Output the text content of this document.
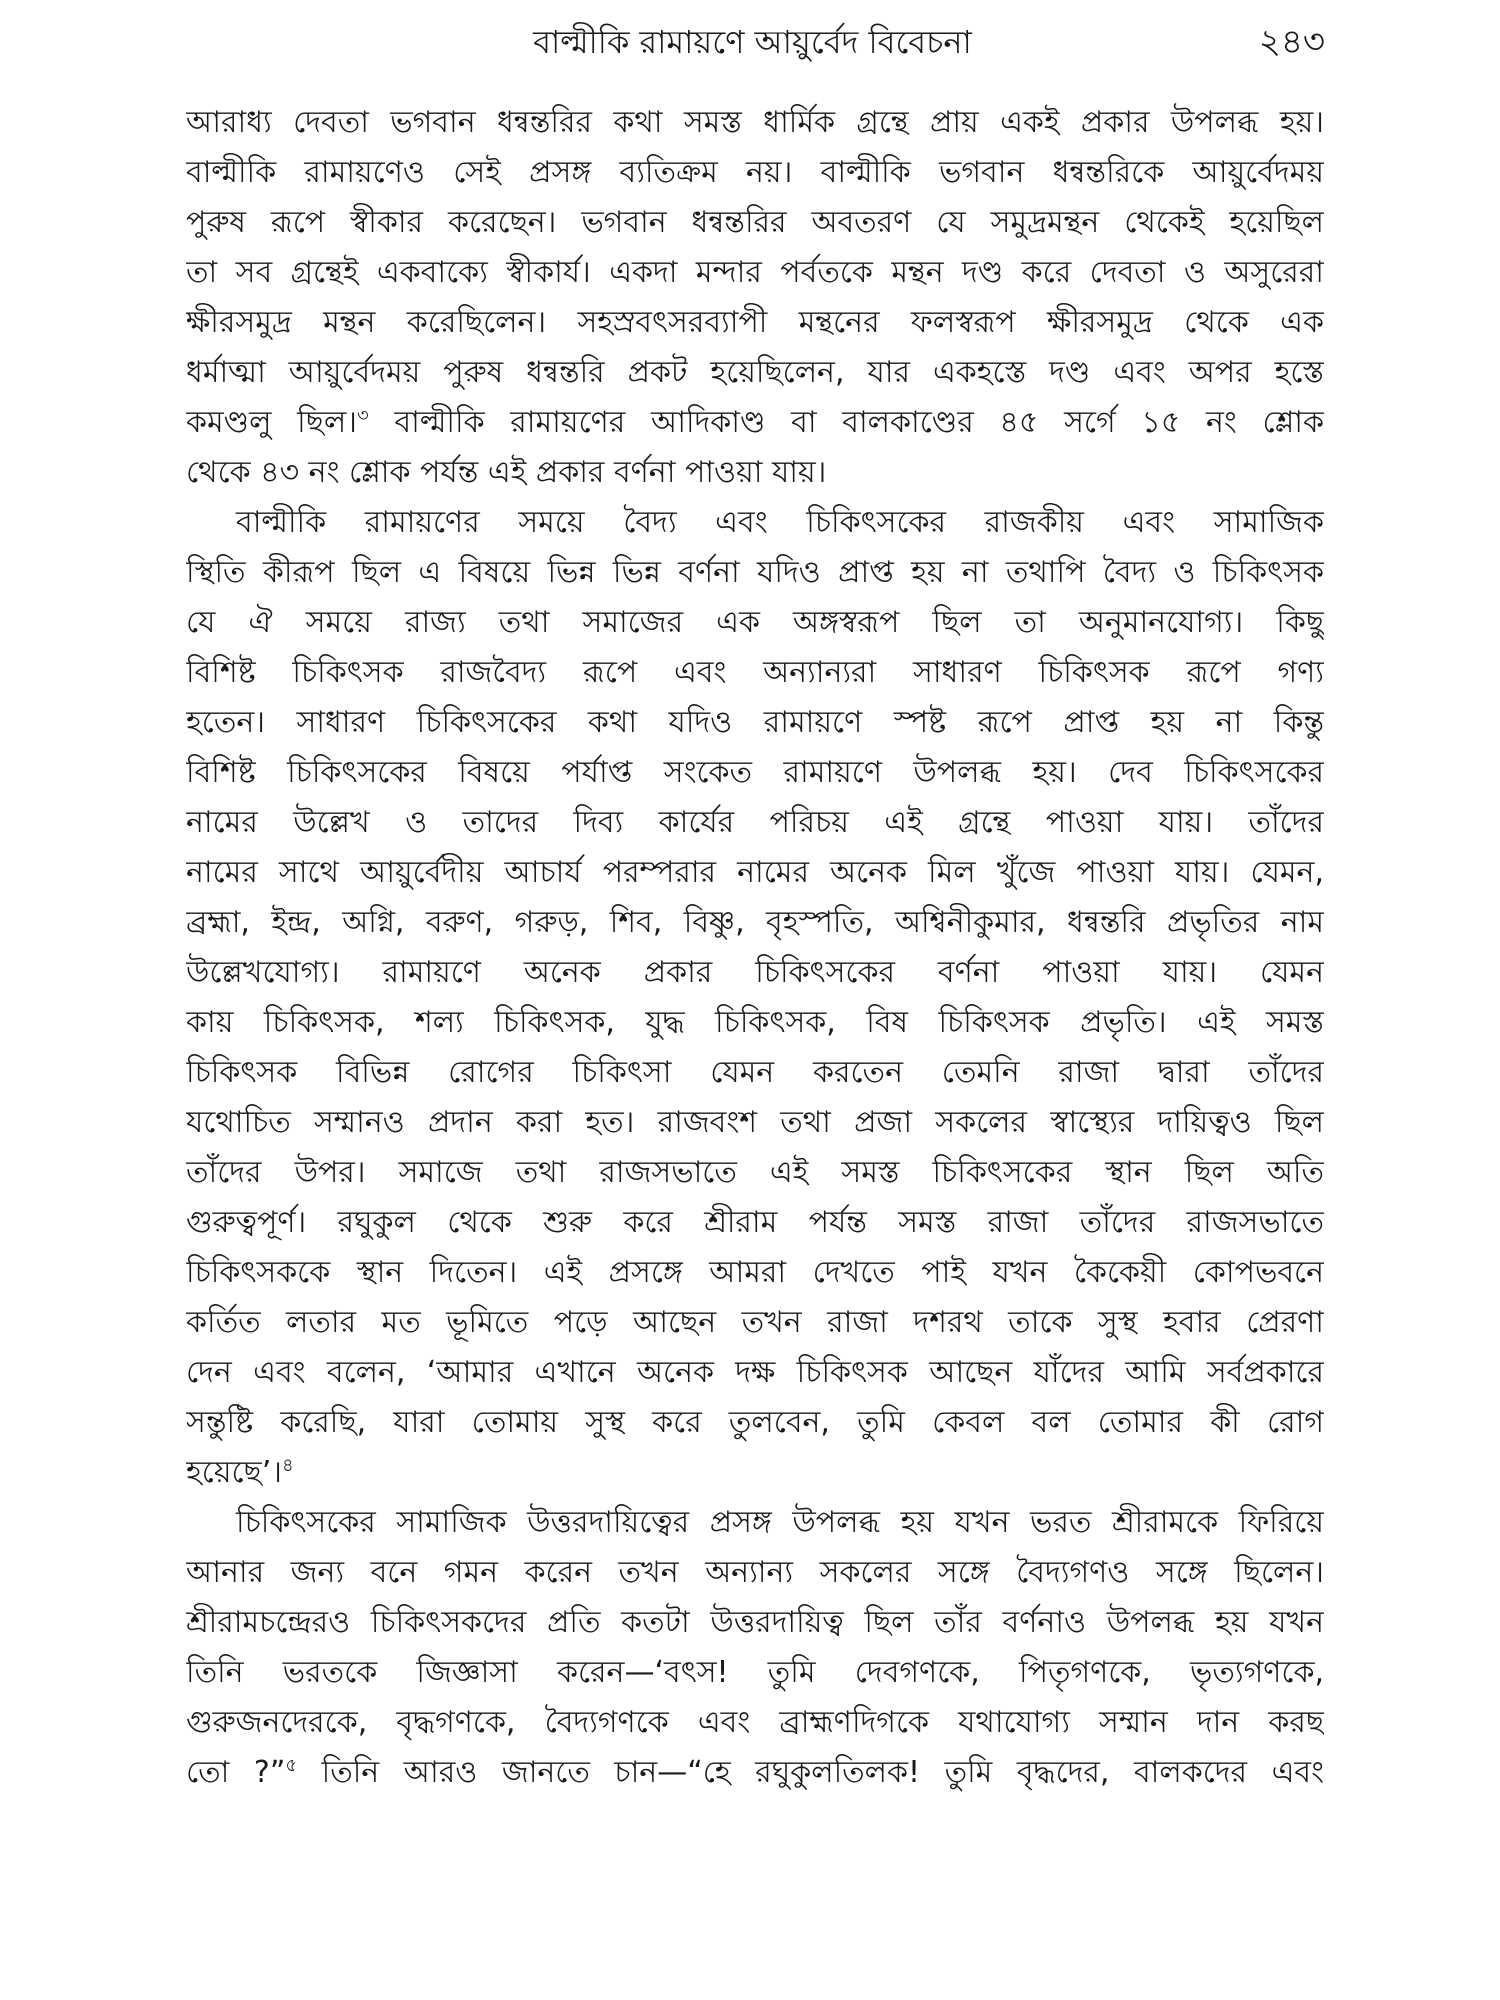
বাল্মীকি রামায়ণে আয়ুর্বেদ বিবেচনা	২৪৩
আরাধ্য দেবতা ভগবান ধন্বন্তরির কথা সমস্ত ধার্মিক গ্রন্থে প্রায় একই প্রকার উপলব্ধ হয়।
বাল্মীকি রামায়ণেও সেই প্রসঙ্গ ব্যতিক্রম নয়। বাল্মীকি ভগবান ধন্বন্তরিকে আয়ুর্বেদময়
পুরুষ রূপে স্বীকার করেছেন। ভগবান ধন্বন্তরির অবতরণ যে সমুদ্রমন্থন থেকেই হয়েছিল
তা সব গ্রন্থেই একবাক্যে স্বীকার্য। একদা মন্দার পর্বতকে মন্থন দণ্ড করে দেবতা ও অসুরেরা
ক্ষীরসমুদ্র মন্থন করেছিলেন। সহস্রবৎসরব্যাপী মন্থনের ফলস্বরূপ ক্ষীরসমুদ্র থেকে এক
ধর্মাত্মা আয়ুর্বেদময় পুরুষ ধন্বন্তরি প্রকট হয়েছিলেন, যার একহস্তে দণ্ড এবং অপর হস্তে
কমণ্ডলু ছিল।$^৩$ বাল্মীকি রামায়ণের আদিকাণ্ড বা বালকাণ্ডের ৪৫ সর্গে ১৫ নং শ্লোক
থেকে ৪৩ নং শ্লোক পর্যন্ত এই প্রকার বর্ণনা পাওয়া যায়।
বাল্মীকি রামায়ণের সময়ে বৈদ্য এবং চিকিৎসকের রাজকীয় এবং সামাজিক
স্থিতি কীরূপ ছিল এ বিষয়ে ভিন্ন ভিন্ন বর্ণনা যদিও প্রাপ্ত হয় না তথাপি বৈদ্য ও চিকিৎসক
যে ঐ সময়ে রাজ্য তথা সমাজের এক অঙ্গস্বরূপ ছিল তা অনুমানযোগ্য। কিছু
বিশিষ্ট চিকিৎসক রাজবৈদ্য রূপে এবং অন্যান্যরা সাধারণ চিকিৎসক রূপে গণ্য
হতেন। সাধারণ চিকিৎসকের কথা যদিও রামায়ণে স্পষ্ট রূপে প্রাপ্ত হয় না কিন্তু
বিশিষ্ট চিকিৎসকের বিষয়ে পর্যাপ্ত সংকেত রামায়ণে উপলব্ধ হয়। দেব চিকিৎসকের
নামের উল্লেখ ও তাদের দিব্য কার্যের পরিচয় এই গ্রন্থে পাওয়া যায়। তাঁদের
নামের সাথে আয়ুর্বেদীয় আচার্য পরম্পরার নামের অনেক মিল খুঁজে পাওয়া যায়। যেমন,
ব্রহ্মা, ইন্দ্র, অগ্নি, বরুণ, গরুড়, শিব, বিষ্ণু, বৃহস্পতি, অশ্বিনীকুমার, ধন্বন্তরি প্রভৃতির নাম
উল্লেখযোগ্য। রামায়ণে অনেক প্রকার চিকিৎসকের বর্ণনা পাওয়া যায়। যেমন
কায় চিকিৎসক, শল্য চিকিৎসক, যুদ্ধ চিকিৎসক, বিষ চিকিৎসক প্রভৃতি। এই সমস্ত
চিকিৎসক বিভিন্ন রোগের চিকিৎসা যেমন করতেন তেমনি রাজা দ্বারা তাঁদের
যথোচিত সম্মানও প্রদান করা হত। রাজবংশ তথা প্রজা সকলের স্বাস্থ্যের দায়িত্বও ছিল
তাঁদের উপর। সমাজে তথা রাজসভাতে এই সমস্ত চিকিৎসকের স্থান ছিল অতি
গুরুত্বপূর্ণ। রঘুকুল থেকে শুরু করে শ্রীরাম পর্যন্ত সমস্ত রাজা তাঁদের রাজসভাতে
চিকিৎসককে স্থান দিতেন। এই প্রসঙ্গে আমরা দেখতে পাই যখন কৈকেয়ী কোপভবনে
কর্তিত লতার মত ভূমিতে পড়ে আছেন তখন রাজা দশরথ তাকে সুস্থ হবার প্রেরণা
দেন এবং বলেন, ‘আমার এখানে অনেক দক্ষ চিকিৎসক আছেন যাঁদের আমি সর্বপ্রকারে
সন্তুষ্টি করেছি, যারা তোমায় সুস্থ করে তুলবেন, তুমি কেবল বল তোমার কী রোগ
হয়েছে’।$^৪$
চিকিৎসকের সামাজিক উত্তরদায়িত্বের প্রসঙ্গ উপলব্ধ হয় যখন ভরত শ্রীরামকে ফিরিয়ে
আনার জন্য বনে গমন করেন তখন অন্যান্য সকলের সঙ্গে বৈদ্যগণও সঙ্গে ছিলেন।
শ্রীরামচন্দ্রেরও চিকিৎসকদের প্রতি কতটা উত্তরদায়িত্ব ছিল তাঁর বর্ণনাও উপলব্ধ হয় যখন
তিনি ভরতকে জিজ্ঞাসা করেন—‘বৎস! তুমি দেবগণকে, পিতৃগণকে, ভৃত্যগণকে,
গুরুজনদেরকে, বৃদ্ধগণকে, বৈদ্যগণকে এবং ব্রাহ্মণদিগকে যথাযোগ্য সম্মান দান করছ
তো ?”$^৫$ তিনি আরও জানতে চান—“হে রঘুকুলতিলক! তুমি বৃদ্ধদের, বালকদের এবং
